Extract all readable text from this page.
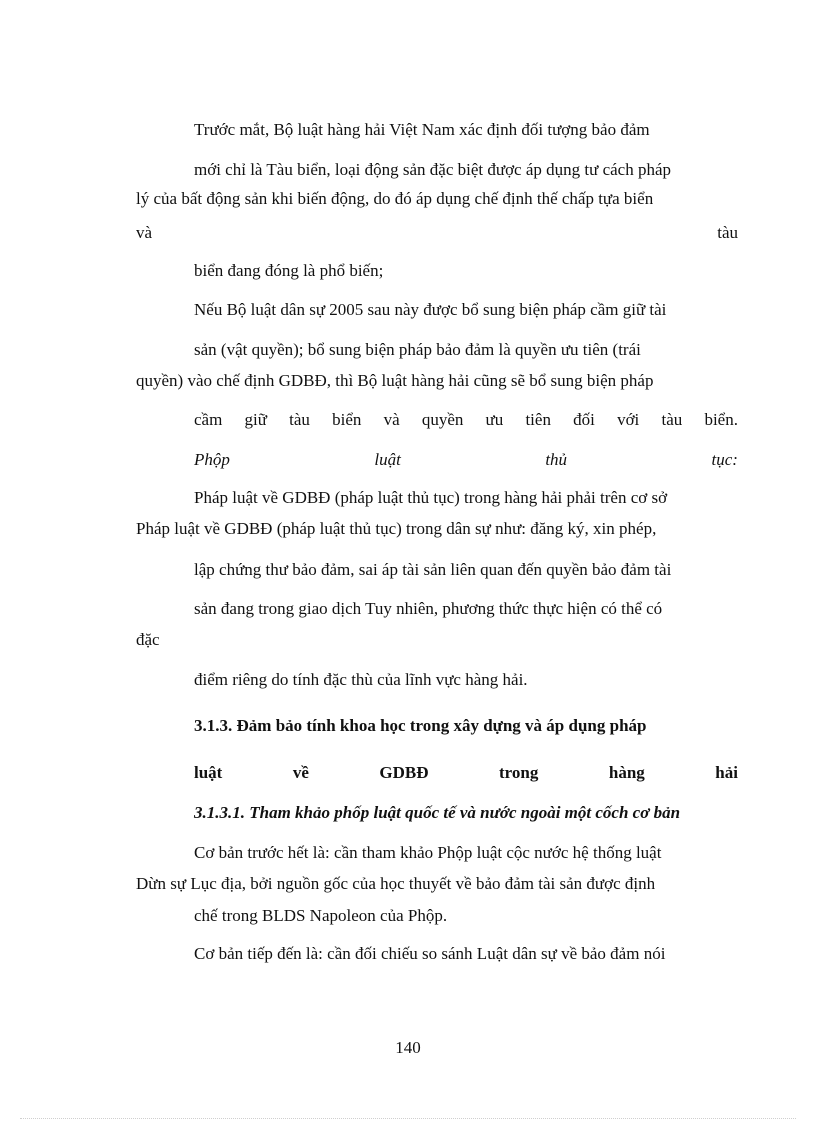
Trước mắt, Bộ luật hàng hải Việt Nam xác định đối tượng bảo đảm

mới chỉ là Tàu biển, loại động sản đặc biệt được áp dụng tư cách pháp

lý của bất động sản khi biến động, do đó áp dụng chế định thế chấp tựa biển

và	tàu

biển đang đóng là phổ biến;

Nếu Bộ luật dân sự 2005 sau này được bổ sung biện pháp cầm giữ tài

sản (vật quyền); bổ sung biện pháp bảo đảm là quyền ưu tiên (trái

quyền) vào chế định GDBĐ, thì Bộ luật hàng hải cũng sẽ bổ sung biện pháp

cầm giữ tàu biển và quyền ưu tiên đối với tàu biển.
Phộp	luật	thủ	tục:

Pháp luật về GDBĐ (pháp luật thủ tục) trong hàng hải phải trên cơ sở

Pháp luật về GDBĐ (pháp luật thủ tục) trong dân sự như: đăng ký, xin phép,

lập chứng thư bảo đảm, sai áp tài sản liên quan đến quyền bảo đảm tài

sản đang trong giao dịch Tuy nhiên, phương thức thực hiện có thể có

đặc

điểm riêng do tính đặc thù của lĩnh vực hàng hải.

3.1.3. Đảm bảo tính khoa học trong xây dựng và áp dụng pháp

luật	về	GDBĐ	trong	hàng	hải

3.1.3.1. Tham khảo phốp luật quốc tế và nước ngoài một cốch cơ bản

Cơ bản trước hết là: cần tham khảo Phộp luật cộc nước hệ thống luật

Dừn sự Lục địa, bởi nguồn gốc của học thuyết về bảo đảm tài sản được định

chế trong BLDS Napoleon của Phộp.

Cơ bản tiếp đến là: cần đối chiếu so sánh Luật dân sự về bảo đảm nói

140
